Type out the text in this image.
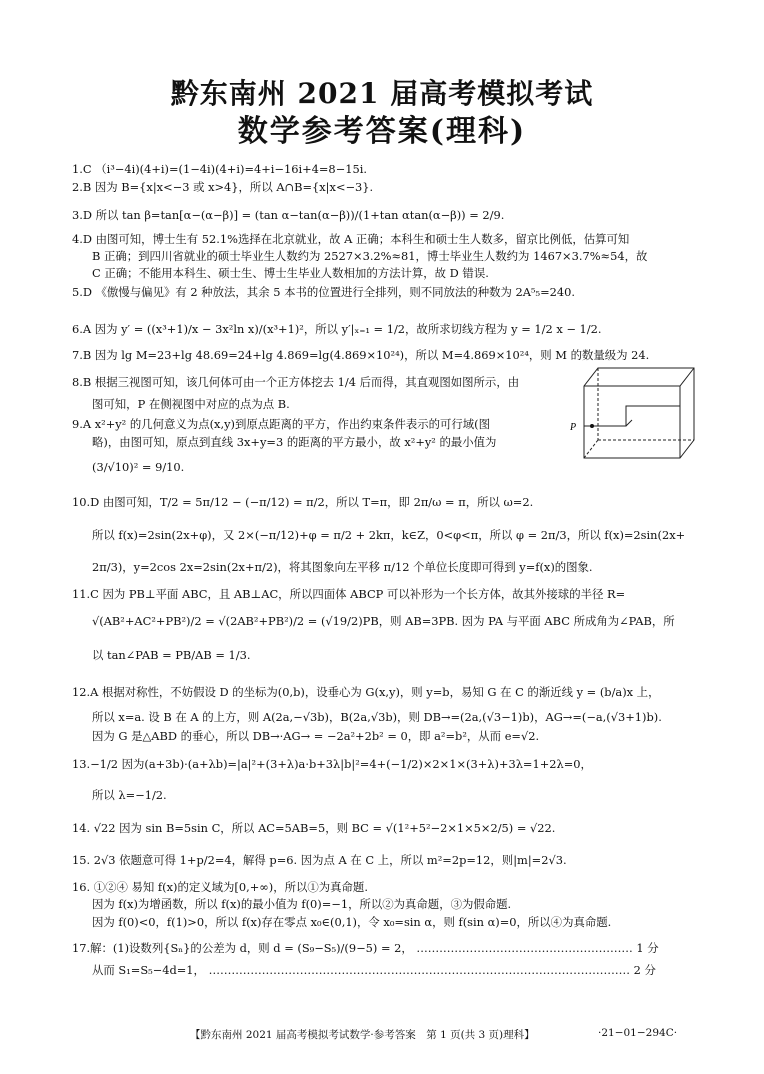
黔东南州 2021 届高考模拟考试
数学参考答案(理科)
1.C （i³−4i)(4+i)=(1−4i)(4+i)=4+i−16i+4=8−15i.
2.B 因为 B={x|x<−3 或 x>4}，所以 A∩B={x|x<−3}.
3.D 所以 tan β=tan[α−(α−β)] = (tan α−tan(α−β))/(1+tan αtan(α−β)) = 2/9.
4.D 由图可知，博士生有 52.1%选择在北京就业，故 A 正确；本科生和硕士生人数多，留京比例低，估算可知
B 正确；到四川省就业的硕士毕业生人数约为 2527×3.2%≈81，博士毕业生人数约为 1467×3.7%≈54，故
C 正确；不能用本科生、硕士生、博士生毕业人数相加的方法计算，故 D 错误.
5.D 《傲慢与偏见》有 2 种放法，其余 5 本书的位置进行全排列，则不同放法的种数为 2A⁵₅=240.
6.A 因为 y′ = ((x³+1)/x − 3x²ln x)/(x³+1)²，所以 y′|ₓ₌₁ = 1/2，故所求切线方程为 y = 1/2 x − 1/2.
7.B 因为 lg M=23+lg 48.69=24+lg 4.869=lg(4.869×10²⁴)，所以 M=4.869×10²⁴，则 M 的数量级为 24.
8.B 根据三视图可知，该几何体可由一个正方体挖去 1/4 后而得，其直观图如图所示，由
图可知，P 在侧视图中对应的点为点 B.
9.A x²+y² 的几何意义为点(x,y)到原点距离的平方，作出约束条件表示的可行域(图
略)，由图可知，原点到直线 3x+y=3 的距离的平方最小，故 x²+y² 的最小值为
(3/√10)² = 9/10.
10.D 由图可知，T/2 = 5π/12 − (−π/12) = π/2，所以 T=π，即 2π/ω = π，所以 ω=2.
所以 f(x)=2sin(2x+φ)，又 2×(−π/12)+φ = π/2 + 2kπ，k∈Z，0<φ<π，所以 φ = 2π/3，所以 f(x)=2sin(2x+
2π/3)，y=2cos 2x=2sin(2x+π/2)，将其图象向左平移 π/12 个单位长度即可得到 y=f(x)的图象.
11.C 因为 PB⊥平面 ABC，且 AB⊥AC，所以四面体 ABCP 可以补形为一个长方体，故其外接球的半径 R=
√(AB²+AC²+PB²)/2 = √(2AB²+PB²)/2 = (√19/2)PB，则 AB=3PB. 因为 PA 与平面 ABC 所成角为∠PAB，所
以 tan∠PAB = PB/AB = 1/3.
12.A 根据对称性，不妨假设 D 的坐标为(0,b)，设垂心为 G(x,y)，则 y=b，易知 G 在 C 的渐近线 y = (b/a)x 上，
所以 x=a. 设 B 在 A 的上方，则 A(2a,−√3b)，B(2a,√3b)，则 DB→=(2a,(√3−1)b)，AG→=(−a,(√3+1)b).
因为 G 是△ABD 的垂心，所以 DB→·AG→ = −2a²+2b² = 0，即 a²=b²，从而 e=√2.
13.−1/2 因为(a+3b)·(a+λb)=|a|²+(3+λ)a·b+3λ|b|²=4+(−1/2)×2×1×(3+λ)+3λ=1+2λ=0，
所以 λ=−1/2.
14. √22 因为 sin B=5sin C，所以 AC=5AB=5，则 BC = √(1²+5²−2×1×5×2/5) = √22.
15. 2√3 依题意可得 1+p/2=4，解得 p=6. 因为点 A 在 C 上，所以 m²=2p=12，则|m|=2√3.
16. ①②④ 易知 f(x)的定义域为[0,+∞)，所以①为真命题.
因为 f(x)为增函数，所以 f(x)的最小值为 f(0)=−1，所以②为真命题，③为假命题.
因为 f(0)<0，f(1)>0，所以 f(x)存在零点 x₀∈(0,1)，令 x₀=sin α，则 f(sin α)=0，所以④为真命题.
17.解：(1)设数列{Sₙ}的公差为 d，则 d = (S₉−S₅)/(9−5) = 2， ………………………………………………… 1 分
从而 S₁=S₅−4d=1， ………………………………………………………………………………………………… 2 分
P
【黔东南州 2021 届高考模拟考试数学·参考答案　第 1 页(共 3 页)理科】	·21−01−294C·
